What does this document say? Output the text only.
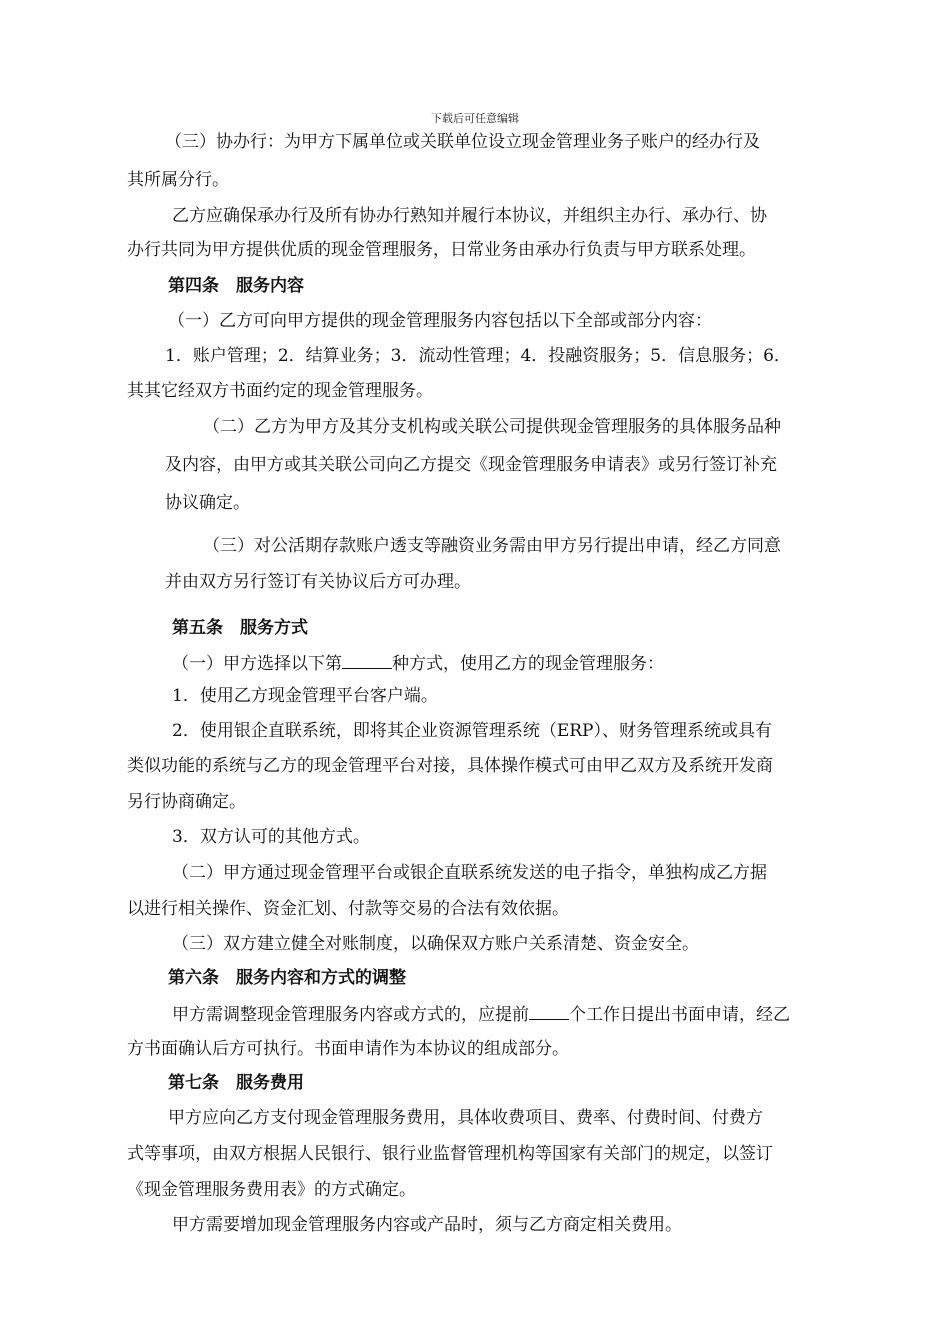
下载后可任意编辑
（三）协办行：为甲方下属单位或关联单位设立现金管理业务子账户的经办行及
其所属分行。
乙方应确保承办行及所有协办行熟知并履行本协议，并组织主办行、承办行、协
办行共同为甲方提供优质的现金管理服务，日常业务由承办行负责与甲方联系处理。
第四条　服务内容
（一）乙方可向甲方提供的现金管理服务内容包括以下全部或部分内容：
1．账户管理；2．结算业务；3．流动性管理；4．投融资服务；5．信息服务；6．
其其它经双方书面约定的现金管理服务。
（二）乙方为甲方及其分支机构或关联公司提供现金管理服务的具体服务品种
及内容，由甲方或其关联公司向乙方提交《现金管理服务申请表》或另行签订补充
协议确定。
（三）对公活期存款账户透支等融资业务需由甲方另行提出申请，经乙方同意
并由双方另行签订有关协议后方可办理。
第五条　服务方式
（一）甲方选择以下第	种方式，使用乙方的现金管理服务：
1．使用乙方现金管理平台客户端。
2．使用银企直联系统，即将其企业资源管理系统（ERP）、财务管理系统或具有
类似功能的系统与乙方的现金管理平台对接，具体操作模式可由甲乙双方及系统开发商
另行协商确定。
3．双方认可的其他方式。
（二）甲方通过现金管理平台或银企直联系统发送的电子指令，单独构成乙方据
以进行相关操作、资金汇划、付款等交易的合法有效依据。
（三）双方建立健全对账制度，以确保双方账户关系清楚、资金安全。
第六条　服务内容和方式的调整
甲方需调整现金管理服务内容或方式的，应提前 个工作日提出书面申请，经乙
方书面确认后方可执行。书面申请作为本协议的组成部分。
第七条　服务费用
甲方应向乙方支付现金管理服务费用，具体收费项目、费率、付费时间、付费方
式等事项，由双方根据人民银行、银行业监督管理机构等国家有关部门的规定，以签订
《现金管理服务费用表》的方式确定。
甲方需要增加现金管理服务内容或产品时，须与乙方商定相关费用。
